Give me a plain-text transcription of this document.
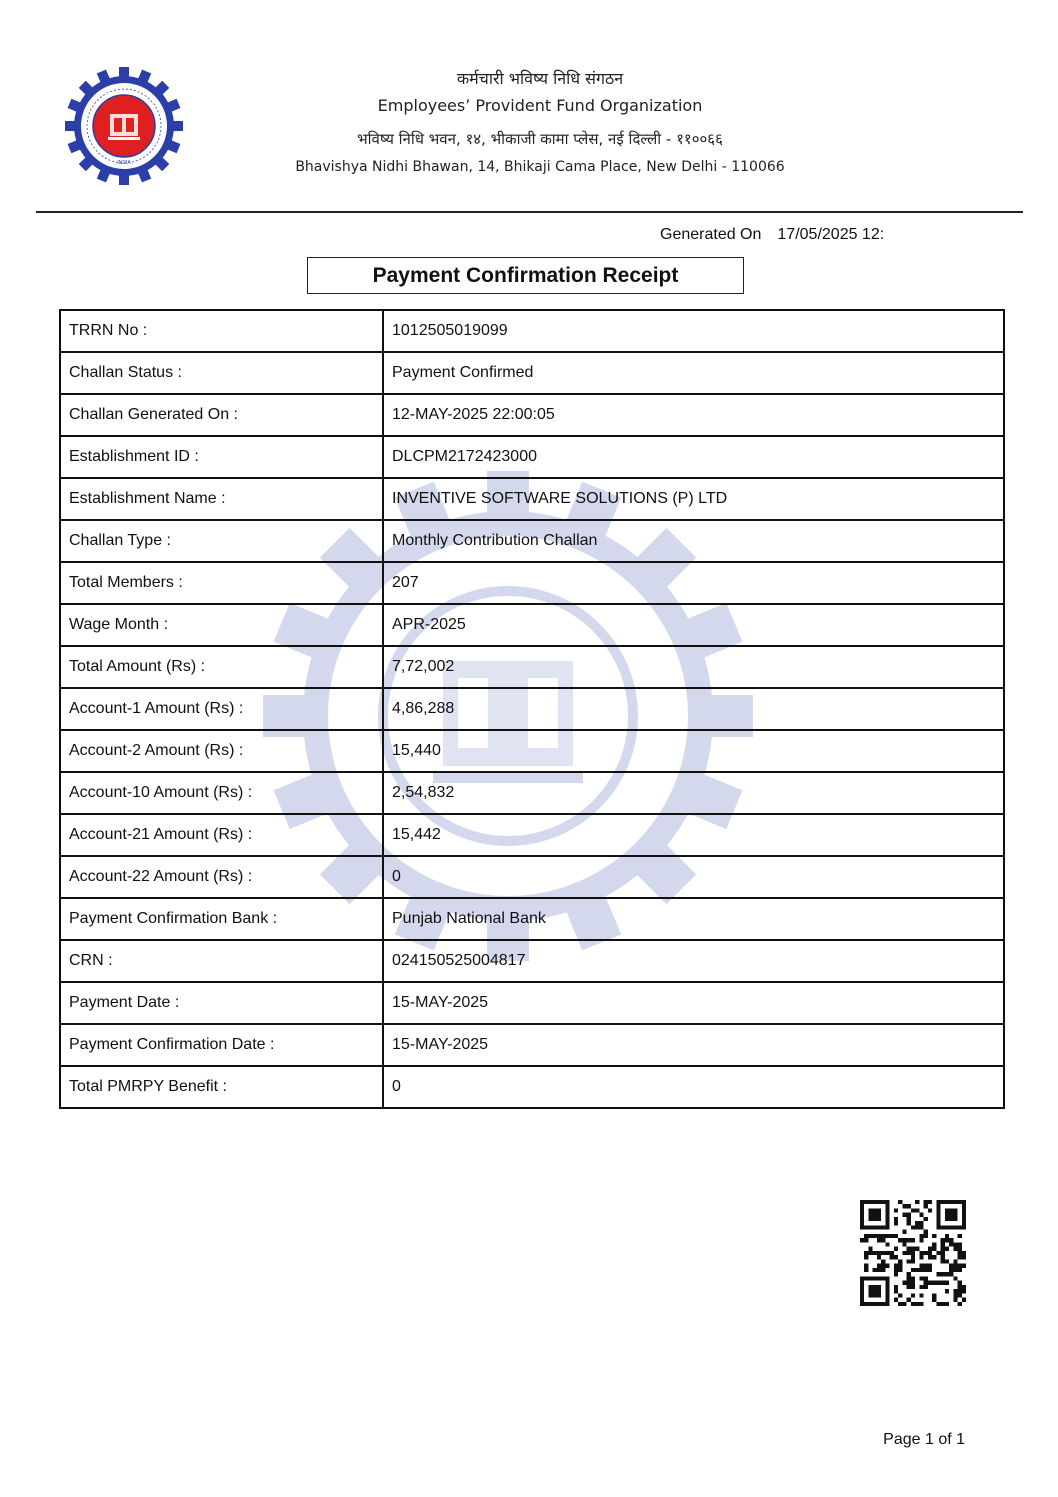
INDIA
कर्मचारी भविष्य निधि संगठन
Employees’ Provident Fund Organization
भविष्य निधि भवन, १४, भीकाजी कामा प्लेस, नई दिल्ली - ११००६६
Bhavishya Nidhi Bhawan, 14, Bhikaji Cama Place, New Delhi - 110066
Generated On 17/05/2025 12:
Payment Confirmation Receipt
TRRN No :	1012505019099
Challan Status :	Payment Confirmed
Challan Generated On :	12-MAY-2025 22:00:05
Establishment ID :	DLCPM2172423000
Establishment Name :	INVENTIVE SOFTWARE SOLUTIONS (P) LTD
Challan Type :	Monthly Contribution Challan
Total Members :	207
Wage Month :	APR-2025
Total Amount (Rs) :	7,72,002
Account-1 Amount (Rs) :	4,86,288
Account-2 Amount (Rs) :	15,440
Account-10 Amount (Rs) :	2,54,832
Account-21 Amount (Rs) :	15,442
Account-22 Amount (Rs) :	0
Payment Confirmation Bank :	Punjab National Bank
CRN :	024150525004817
Payment Date :	15-MAY-2025
Payment Confirmation Date :	15-MAY-2025
Total PMRPY Benefit :	0
Page 1 of 1
